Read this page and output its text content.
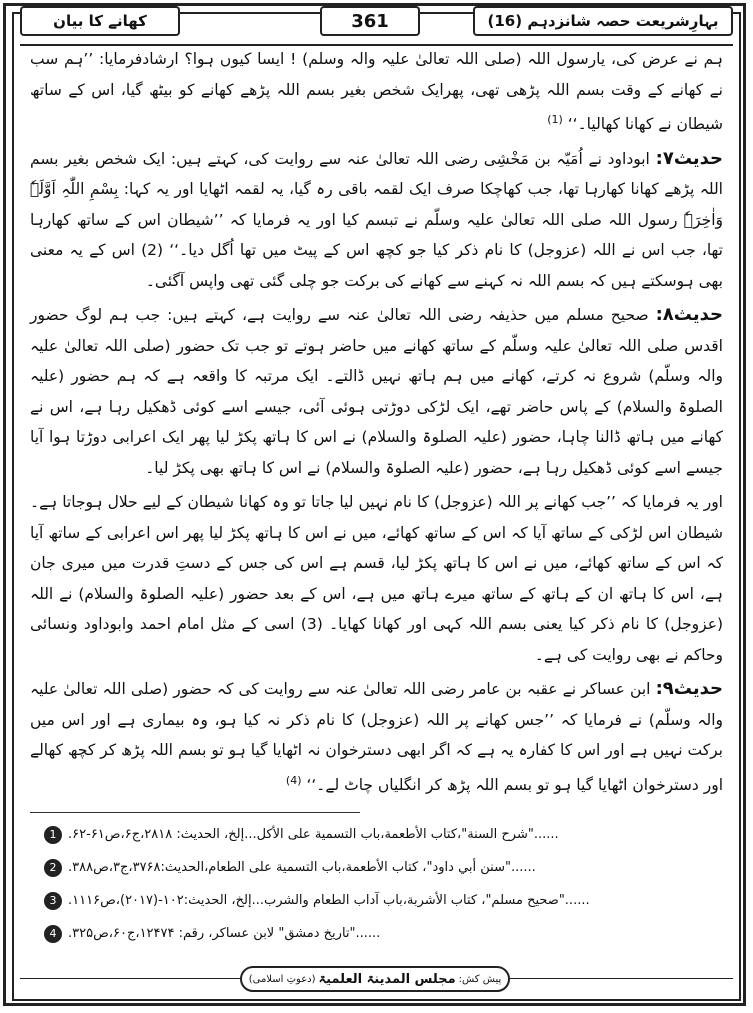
بہارِشریعت حصہ شانزدہم (16)
361
کھانے کا بیان

ہم نے عرض کی، یارسول اللہ (صلی اللہ تعالیٰ علیہ والہ وسلم) ! ایسا کیوں ہوا؟ ارشادفرمایا: ’’ہم سب نے کھانے کے وقت بسم اللہ پڑھی تھی، پھرایک شخص بغیر بسم اللہ پڑھے کھانے کو بیٹھ گیا، اس کے ساتھ شیطان نے کھانا کھالیا۔‘‘ $^{(1)}$

حدیث۷: ابوداود نے اُمَیّہ بن مَخْشِی رضی اللہ تعالیٰ عنہ سے روایت کی، کہتے ہیں: ایک شخص بغیر بسم اللہ پڑھے کھانا کھارہا تھا، جب کھاچکا صرف ایک لقمہ باقی رہ گیا، یہ لقمہ اٹھایا اور یہ کہا: بِسْمِ اللّٰہِ اَوَّلَہٗ وَاٰخِرَہٗ رسول اللہ صلی اللہ تعالیٰ علیہ وسلّم نے تبسم کیا اور یہ فرمایا کہ ’’شیطان اس کے ساتھ کھارہا تھا، جب اس نے اللہ (عزوجل) کا نام ذکر کیا جو کچھ اس کے پیٹ میں تھا اُگل دیا۔‘‘ (2) اس کے یہ معنی بھی ہوسکتے ہیں کہ بسم اللہ نہ کہنے سے کھانے کی برکت جو چلی گئی تھی واپس آگئی۔

حدیث۸: صحیح مسلم میں حذیفہ رضی اللہ تعالیٰ عنہ سے روایت ہے، کہتے ہیں: جب ہم لوگ حضور اقدس صلی اللہ تعالیٰ علیہ وسلّم کے ساتھ کھانے میں حاضر ہوتے تو جب تک حضور (صلی اللہ تعالیٰ علیہ والہ وسلّم) شروع نہ کرتے، کھانے میں ہم ہاتھ نہیں ڈالتے۔ ایک مرتبہ کا واقعہ ہے کہ ہم حضور (علیہ الصلوۃ والسلام) کے پاس حاضر تھے، ایک لڑکی دوڑتی ہوئی آئی، جیسے اسے کوئی ڈھکیل رہا ہے، اس نے کھانے میں ہاتھ ڈالنا چاہا، حضور (علیہ الصلوۃ والسلام) نے اس کا ہاتھ پکڑ لیا پھر ایک اعرابی دوڑتا ہوا آیا جیسے اسے کوئی ڈھکیل رہا ہے، حضور (علیہ الصلوۃ والسلام) نے اس کا ہاتھ بھی پکڑ لیا۔

اور یہ فرمایا کہ ’’جب کھانے پر اللہ (عزوجل) کا نام نہیں لیا جاتا تو وہ کھانا شیطان کے لیے حلال ہوجاتا ہے۔ شیطان اس لڑکی کے ساتھ آیا کہ اس کے ساتھ کھائے، میں نے اس کا ہاتھ پکڑ لیا پھر اس اعرابی کے ساتھ آیا کہ اس کے ساتھ کھائے، میں نے اس کا ہاتھ پکڑ لیا، قسم ہے اس کی جس کے دستِ قدرت میں میری جان ہے، اس کا ہاتھ ان کے ہاتھ کے ساتھ میرے ہاتھ میں ہے، اس کے بعد حضور (علیہ الصلوۃ والسلام) نے اللہ (عزوجل) کا نام ذکر کیا یعنی بسم اللہ کہی اور کھانا کھایا۔ (3) اسی کے مثل امام احمد وابوداود ونسائی وحاکم نے بھی روایت کی ہے۔

حدیث۹: ابن عساکر نے عقبہ بن عامر رضی اللہ تعالیٰ عنہ سے روایت کی کہ حضور (صلی اللہ تعالیٰ علیہ والہ وسلّم) نے فرمایا کہ ’’جس کھانے پر اللہ (عزوجل) کا نام ذکر نہ کیا ہو، وہ بیماری ہے اور اس میں برکت نہیں ہے اور اس کا کفارہ یہ ہے کہ اگر ابھی دسترخوان نہ اٹھایا گیا ہو تو بسم اللہ پڑھ کر کچھ کھالے اور دسترخوان اٹھایا گیا ہو تو بسم اللہ پڑھ کر انگلیاں چاٹ لے۔‘‘ $^{(4)}$

1 ......"شرح السنة"،کتاب الأطعمة،باب التسمیة علی الأکل...إلخ، الحدیث: ۲۸۱۸،ج۶،ص۶۱-۶۲.
2 ......"سنن أبي داود"، کتاب الأطعمة،باب التسمیة علی الطعام،الحدیث:۳۷۶۸،ج۳،ص۳۸۸.
3 ......"صحیح مسلم"، کتاب الأشربة،باب آداب الطعام والشرب...إلخ، الحدیث:۱۰۲-(۲۰۱۷)،ص۱۱۱۶.
4 ......"تاریخ دمشق" لابن عساکر، رقم: ۱۲۴۷۴،ج۶۰،ص۳۲۵.
پیش کش:
مجلس المدینۃ العلمیۃ
(دعوتِ اسلامی)
